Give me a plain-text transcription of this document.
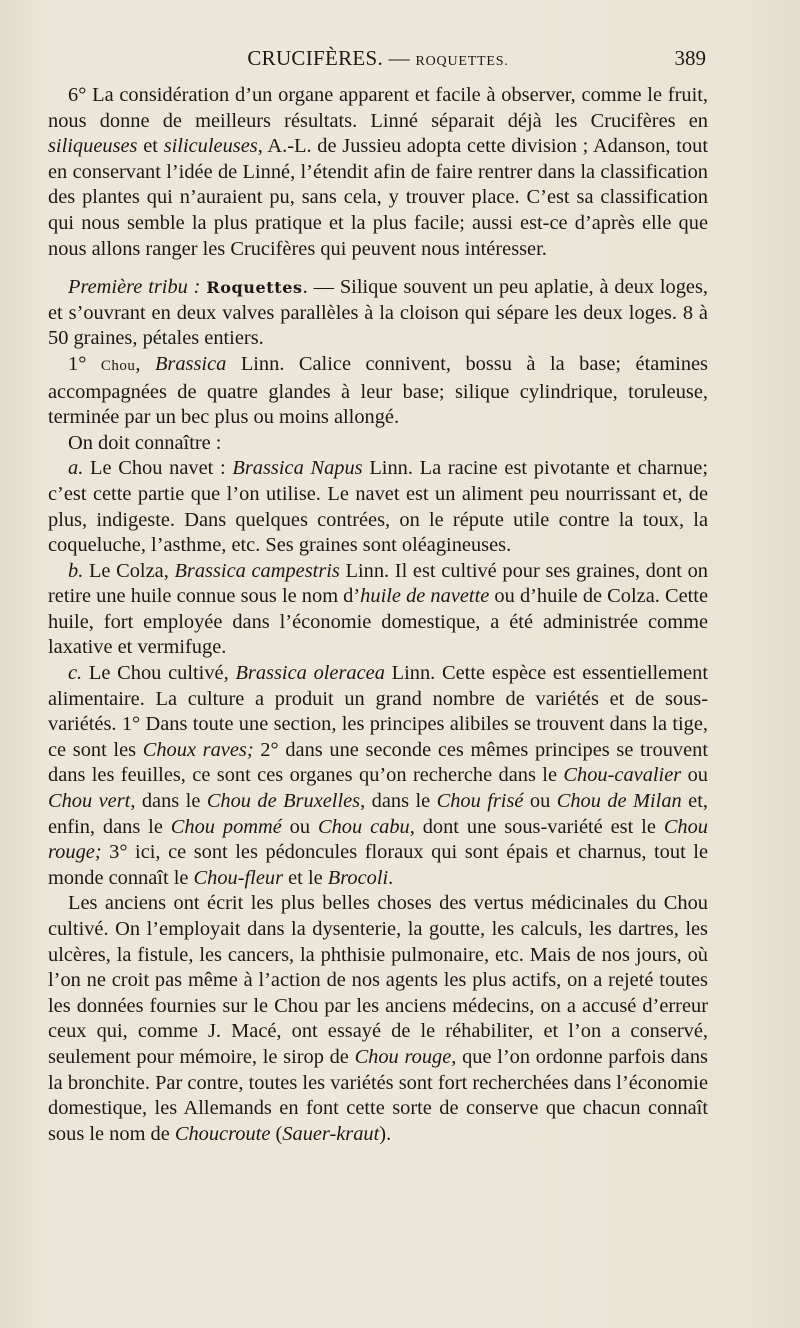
CRUCIFÈRES. — ROQUETTES.	389

6° La considération d’un organe apparent et facile à observer, comme le fruit, nous donne de meilleurs résultats. Linné séparait déjà les Crucifères en siliqueuses et siliculeuses, A.-L. de Jussieu adopta cette division ; Adanson, tout en conservant l’idée de Linné, l’étendit afin de faire rentrer dans la classification des plantes qui n’auraient pu, sans cela, y trouver place. C’est sa classification qui nous semble la plus pratique et la plus facile; aussi est-ce d’après elle que nous allons ranger les Crucifères qui peuvent nous intéresser.

Première tribu : Roquettes. — Silique souvent un peu aplatie, à deux loges, et s’ouvrant en deux valves parallèles à la cloison qui sépare les deux loges. 8 à 50 graines, pétales entiers.

1° Chou, Brassica Linn. Calice connivent, bossu à la base; étamines accompagnées de quatre glandes à leur base; silique cylindrique, toruleuse, terminée par un bec plus ou moins allongé.

On doit connaître :

a. Le Chou navet : Brassica Napus Linn. La racine est pivotante et charnue; c’est cette partie que l’on utilise. Le navet est un aliment peu nourrissant et, de plus, indigeste. Dans quelques contrées, on le répute utile contre la toux, la coqueluche, l’asthme, etc. Ses graines sont oléagineuses.

b. Le Colza, Brassica campestris Linn. Il est cultivé pour ses graines, dont on retire une huile connue sous le nom d’huile de navette ou d’huile de Colza. Cette huile, fort employée dans l’économie domestique, a été administrée comme laxative et vermifuge.

c. Le Chou cultivé, Brassica oleracea Linn. Cette espèce est essentiellement alimentaire. La culture a produit un grand nombre de variétés et de sous-variétés. 1° Dans toute une section, les principes alibiles se trouvent dans la tige, ce sont les Choux raves; 2° dans une seconde ces mêmes principes se trouvent dans les feuilles, ce sont ces organes qu’on recherche dans le Chou-cavalier ou Chou vert, dans le Chou de Bruxelles, dans le Chou frisé ou Chou de Milan et, enfin, dans le Chou pommé ou Chou cabu, dont une sous-variété est le Chou rouge; 3° ici, ce sont les pédoncules floraux qui sont épais et charnus, tout le monde connaît le Chou-fleur et le Brocoli.

Les anciens ont écrit les plus belles choses des vertus médicinales du Chou cultivé. On l’employait dans la dysenterie, la goutte, les calculs, les dartres, les ulcères, la fistule, les cancers, la phthisie pulmonaire, etc. Mais de nos jours, où l’on ne croit pas même à l’action de nos agents les plus actifs, on a rejeté toutes les données fournies sur le Chou par les anciens médecins, on a accusé d’erreur ceux qui, comme J. Macé, ont essayé de le réhabiliter, et l’on a conservé, seulement pour mémoire, le sirop de Chou rouge, que l’on ordonne parfois dans la bronchite. Par contre, toutes les variétés sont fort recherchées dans l’économie domestique, les Allemands en font cette sorte de conserve que chacun connaît sous le nom de Choucroute (Sauer-kraut).
